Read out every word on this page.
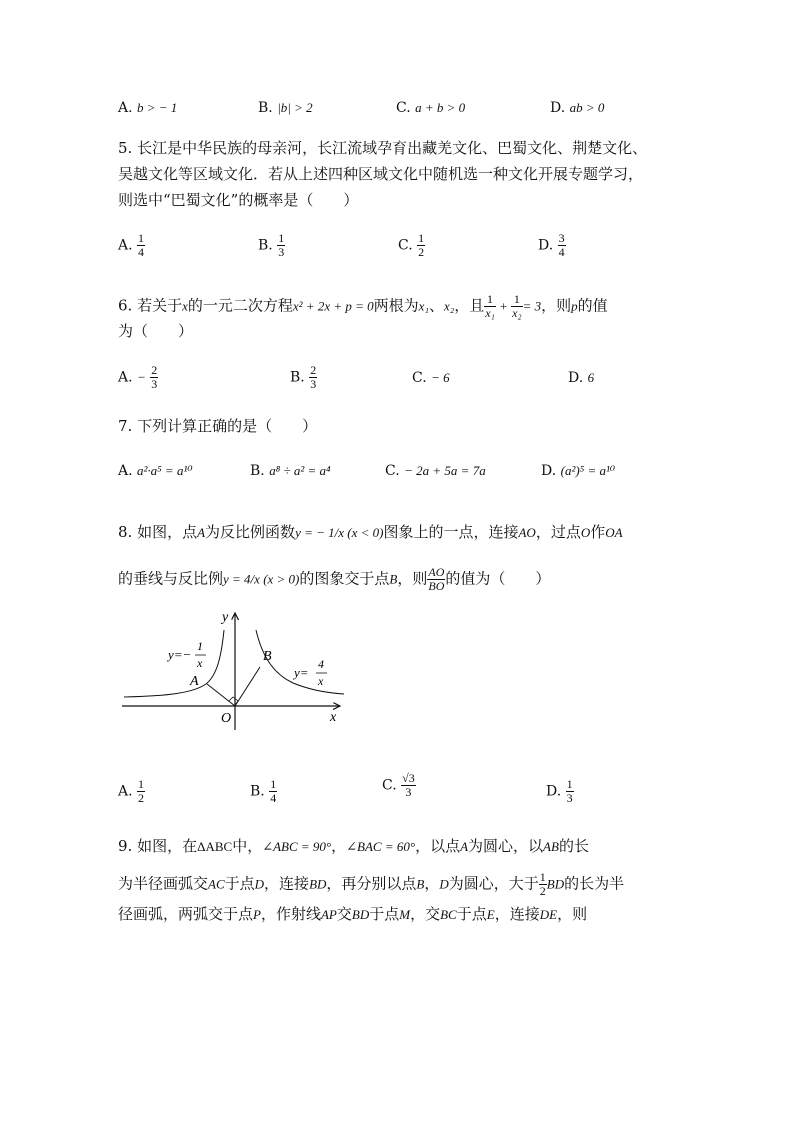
A. b > − 1	B. |b| > 2	C. a + b > 0	D. ab > 0
5. 长江是中华民族的母亲河，长江流域孕育出藏羌文化、巴蜀文化、荆楚文化、
吴越文化等区域文化．若从上述四种区域文化中随机选一种文化开展专题学习，
则选中“巴蜀文化”的概率是（　　）
A. $\frac{1}{4}$	B. $\frac{1}{3}$	C. $\frac{1}{2}$	D. $\frac{3}{4}$
6. 若关于x的一元二次方程x² + 2x + p = 0两根为x₁、x₂，且 $\frac{1}{\text{x₁}} + \frac{1}{\text{x₂}} = 3$，则p的值
为（　　）
A. − $\frac{2}{3}$	B. $\frac{2}{3}$	C. − 6	D. 6
7. 下列计算正确的是（　　）
A. a²·a⁵ = a¹⁰	B. a⁸ ÷ a² = a⁴	C. − 2a + 5a = 7a	D. (a²)⁵ = a¹⁰
8. 如图，点A为反比例函数y = − 1/x (x < 0)图象上的一点，连接AO，过点O作OA
的垂线与反比例y = 4/x (x > 0)的图象交于点B，则 $\frac{AO}{BO}$ 的值为（　　）
y
x
O
A
B
y=−
1
x
y=
4
x
A. $\frac{1}{2}$	B. $\frac{1}{4}$	C. $\frac{√3}{3}$	D. $\frac{1}{3}$
9. 如图，在ΔABC中，∠ABC = 90°，∠BAC = 60°，以点A为圆心，以AB的长
为半径画弧交AC于点D，连接BD，再分别以点B，D为圆心，大于 $\frac{1}{2}$ BD的长为半
径画弧，两弧交于点P，作射线AP交BD于点M，交BC于点E，连接DE，则
